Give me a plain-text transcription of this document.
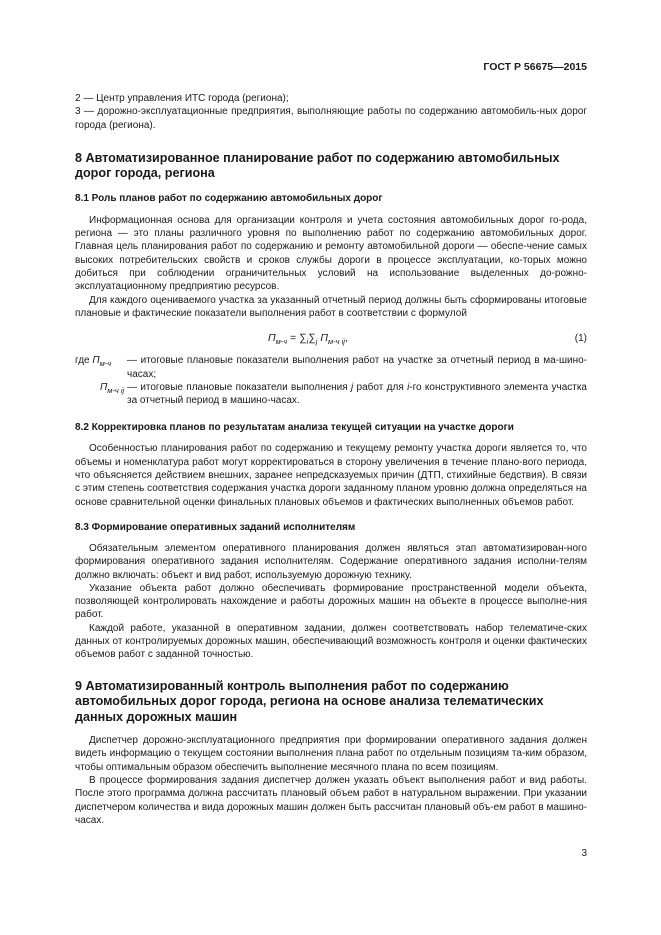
ГОСТ Р 56675—2015

2 — Центр управления ИТС города (региона);

3 — дорожно-эксплуатационные предприятия, выполняющие работы по содержанию автомобиль-ных дорог города (региона).

8 Автоматизированное планирование работ по содержанию автомобильных дорог города, региона
8.1 Роль планов работ по содержанию автомобильных дорог

Информационная основа для организации контроля и учета состояния автомобильных дорог го-рода, региона — это планы различного уровня по выполнению работ по содержанию автомобильных дорог. Главная цель планирования работ по содержанию и ремонту автомобильной дороги — обеспе-чение самых высоких потребительских свойств и сроков службы дороги в процессе эксплуатации, ко-торых можно добиться при соблюдении ограничительных условий на использование выделенных до-рожно-эксплуатационному предприятию ресурсов.

Для каждого оцениваемого участка за указанный отчетный период должны быть сформированы итоговые плановые и фактические показатели выполнения работ в соответствии с формулой

$П_{м-ч} = \sum_i\sum_j$ $П_{м-ч ij}$,	(1)
где $П_{м-ч}$	— итоговые плановые показатели выполнения работ на участке за отчетный период в ма-шино-часах;
$П_{м-ч ij}$ — итоговые плановые показатели выполнения j работ для i-го конструктивного элемента участка за отчетный период в машино-часах.
8.2 Корректировка планов по результатам анализа текущей ситуации на участке дороги

Особенностью планирования работ по содержанию и текущему ремонту участка дороги является то, что объемы и номенклатура работ могут корректироваться в сторону увеличения в течение плано-вого периода, что объясняется действием внешних, заранее непредсказуемых причин (ДТП, стихийные бедствия). В связи с этим степень соответствия содержания участка дороги заданному планом уровню должна определяться на основе сравнительной оценки финальных плановых объемов и фактических выполненных объемов работ.

8.3 Формирование оперативных заданий исполнителям

Обязательным элементом оперативного планирования должен являться этап автоматизирован-ного формирования оперативного задания исполнителям. Содержание оперативного задания исполни-телям должно включать: объект и вид работ, используемую дорожную технику.

Указание объекта работ должно обеспечивать формирование пространственной модели объекта, позволяющей контролировать нахождение и работы дорожных машин на объекте в процессе выполне-ния работ.

Каждой работе, указанной в оперативном задании, должен соответствовать набор телематиче-ских данных от контролируемых дорожных машин, обеспечивающий возможность контроля и оценки фактических объемов работ с заданной точностью.

9 Автоматизированный контроль выполнения работ по содержанию автомобильных дорог города, региона на основе анализа телематических данных дорожных машин

Диспетчер дорожно-эксплуатационного предприятия при формировании оперативного задания должен видеть информацию о текущем состоянии выполнения плана работ по отдельным позициям та-ким образом, чтобы оптимальным образом обеспечить выполнение месячного плана по всем позициям.

В процессе формирования задания диспетчер должен указать объект выполнения работ и вид работы. После этого программа должна рассчитать плановый объем работ в натуральном выражении. При указании диспетчером количества и вида дорожных машин должен быть рассчитан плановый объ-ем работ в машино-часах.

3
